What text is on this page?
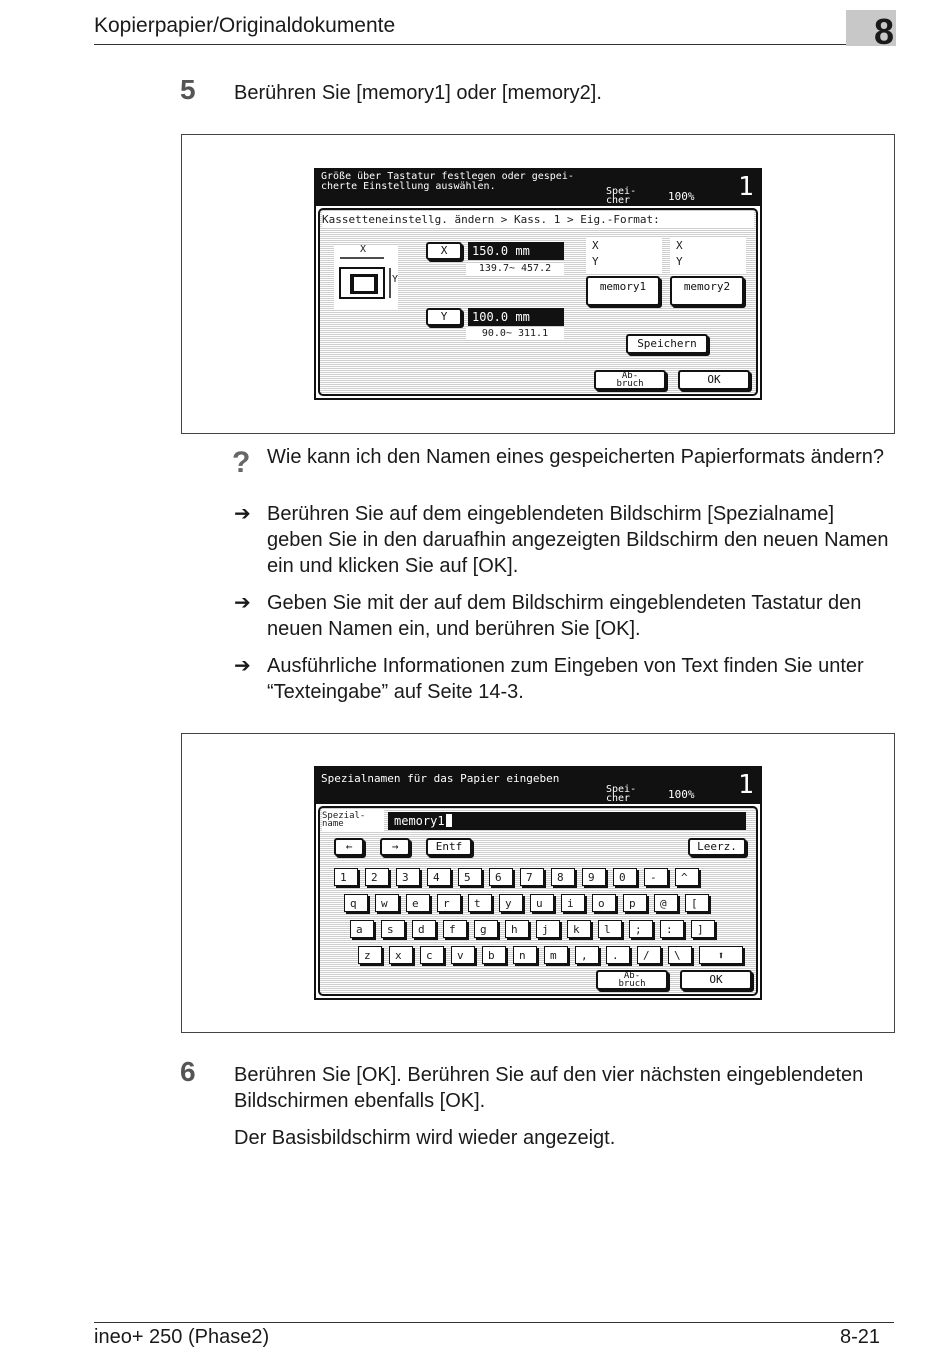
Kopierpapier/Originaldokumente	8
5 Berühren Sie [memory1] oder [memory2].
Größe über Tastatur festlegen oder gespei-
cherte Einstellung auswählen.	Spei-
cher	100% 1
Kassetteneinstellg. ändern > Kass. 1 > Eig.-Format:
X
Y
X	150.0 mm
139.7~ 457.2
Y	100.0 mm
90.0~ 311.1
X
Y
memory1
X
Y
memory2
Speichern
Ab-
bruch	OK
? Wie kann ich den Namen eines gespeicherten Papierformats ändern?
➔ Berühren Sie auf dem eingeblendeten Bildschirm [Spezialname] geben Sie in den daruafhin angezeigten Bildschirm den neuen Namen ein und klicken Sie auf [OK].
➔ Geben Sie mit der auf dem Bildschirm eingeblendeten Tastatur den neuen Namen ein, und berühren Sie [OK].
➔ Ausführliche Informationen zum Eingeben von Text finden Sie unter “Texteingabe” auf Seite 14-3.
Spezialnamen für das Papier eingeben
Spei-
cher	100% 1
Spezial-
name	memory1
←	→	Entf	Leerz.
1	2	3	4	5	6	7	8	9	0	-	^
q	w	e	r	t	y	u	i	o	p	@	[
a	s	d	f	g	h	j	k	l	;	:	]
z	x	c	v	b	n	m	,	.	/	\	⬆
Ab-
bruch	OK
6 Berühren Sie [OK]. Berühren Sie auf den vier nächsten eingeblendeten Bildschirmen ebenfalls [OK].
Der Basisbildschirm wird wieder angezeigt.
ineo+ 250 (Phase2)	8-21
